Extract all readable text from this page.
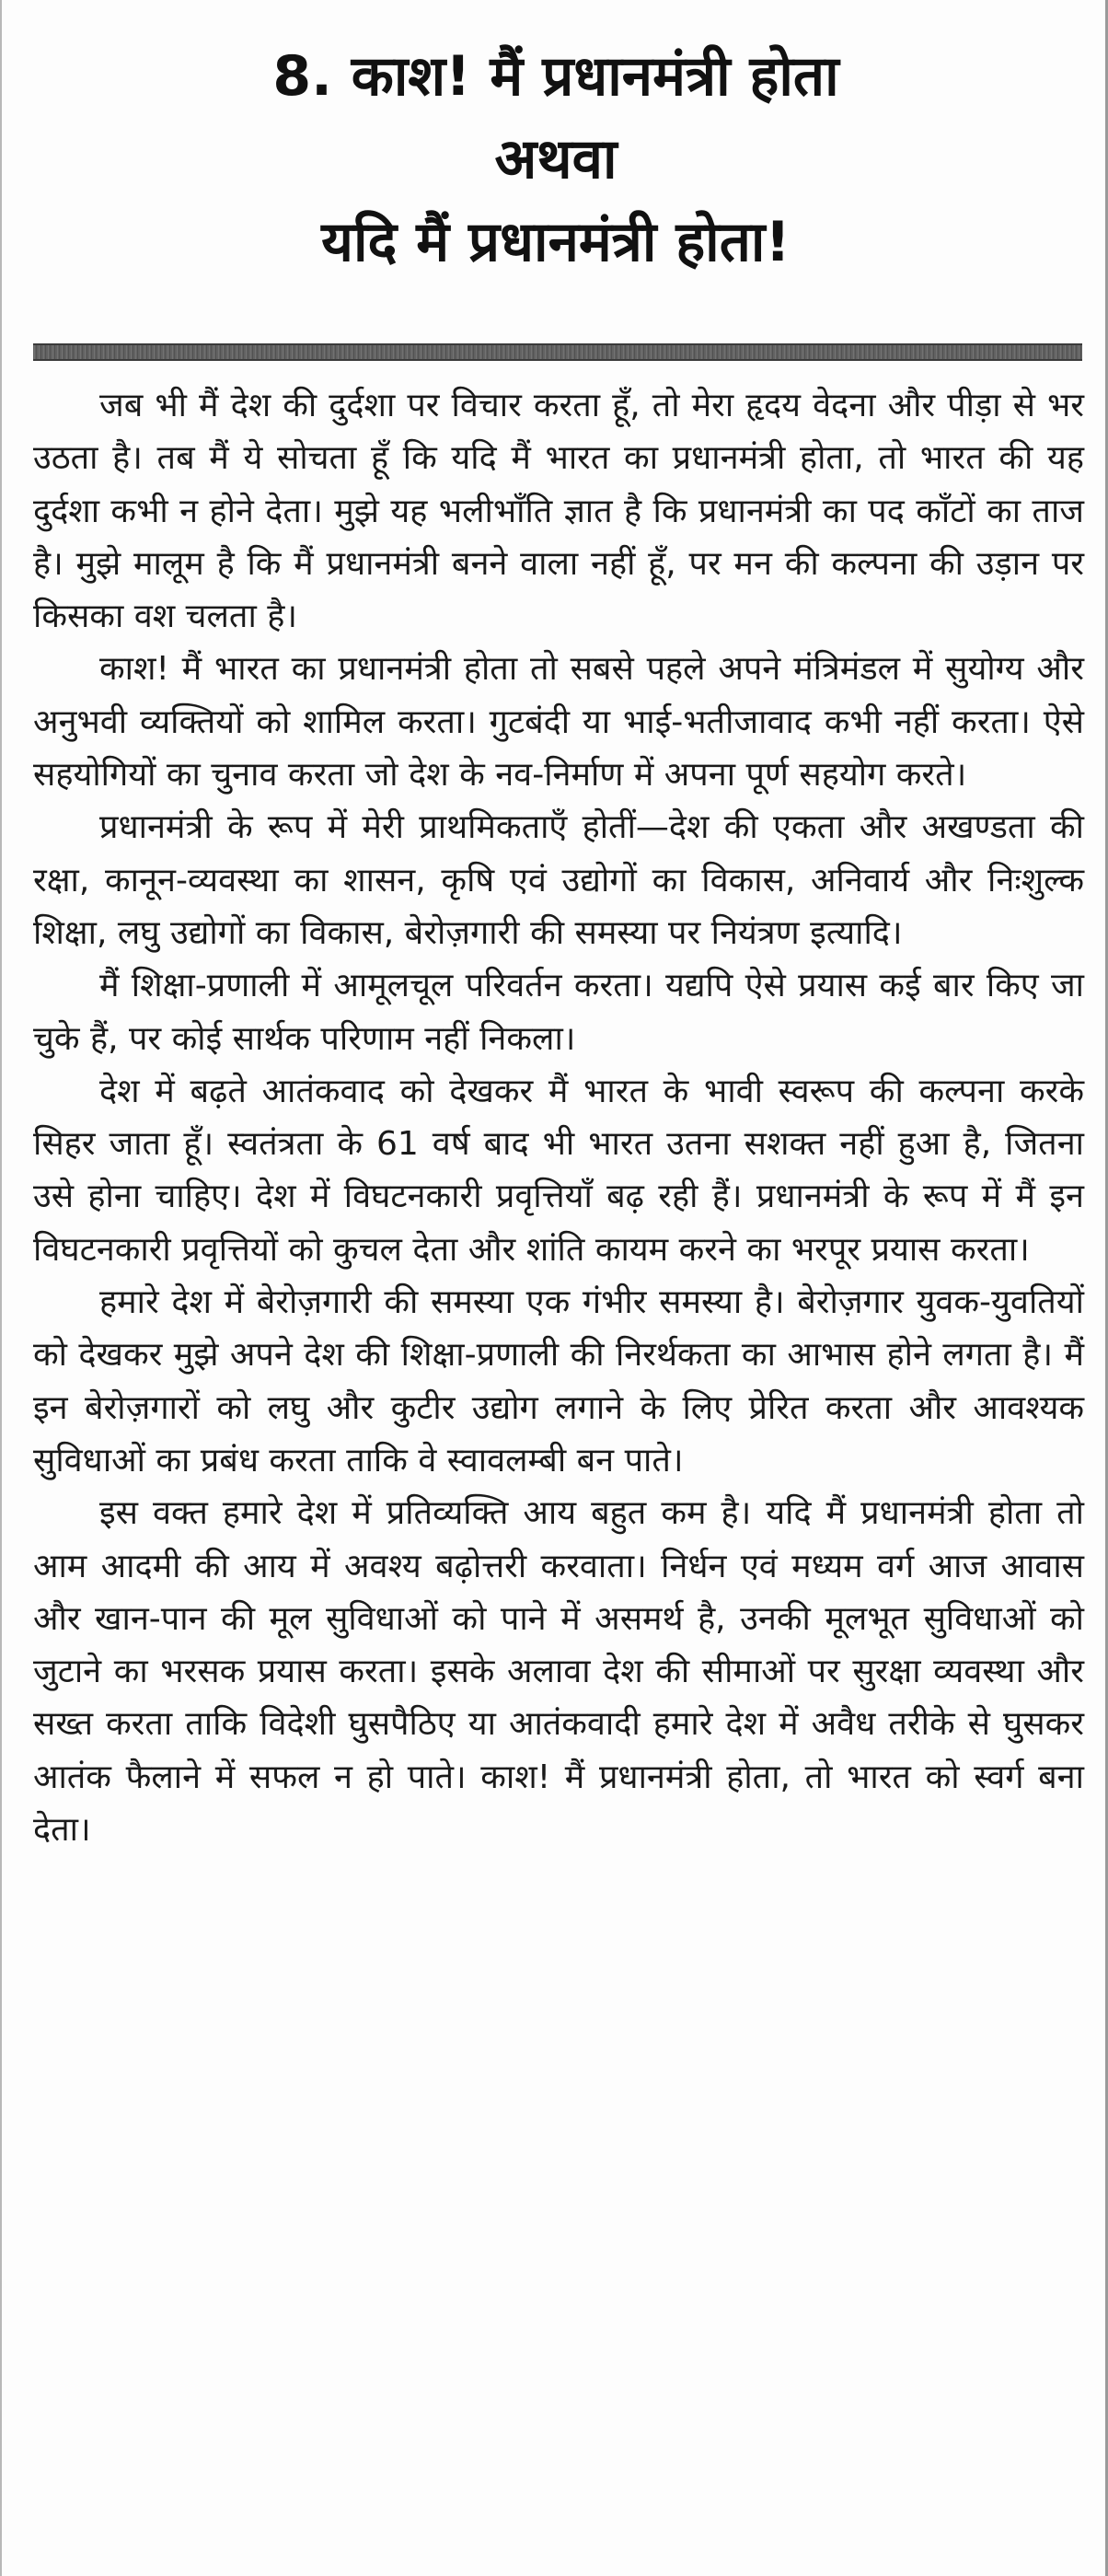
8. काश! मैं प्रधानमंत्री होता

अथवा

यदि मैं प्रधानमंत्री होता!

जब भी मैं देश की दुर्दशा पर विचार करता हूँ, तो मेरा हृदय वेदना और पीड़ा से भर उठता है। तब मैं ये सोचता हूँ कि यदि मैं भारत का प्रधानमंत्री होता, तो भारत की यह दुर्दशा कभी न होने देता। मुझे यह भलीभाँति ज्ञात है कि प्रधानमंत्री का पद काँटों का ताज है। मुझे मालूम है कि मैं प्रधानमंत्री बनने वाला नहीं हूँ, पर मन की कल्पना की उड़ान पर किसका वश चलता है।

काश! मैं भारत का प्रधानमंत्री होता तो सबसे पहले अपने मंत्रिमंडल में सुयोग्य और अनुभवी व्यक्तियों को शामिल करता। गुटबंदी या भाई-भतीजावाद कभी नहीं करता। ऐसे सहयोगियों का चुनाव करता जो देश के नव-निर्माण में अपना पूर्ण सहयोग करते।

प्रधानमंत्री के रूप में मेरी प्राथमिकताएँ होतीं—देश की एकता और अखण्डता की रक्षा, कानून-व्यवस्था का शासन, कृषि एवं उद्योगों का विकास, अनिवार्य और निःशुल्क शिक्षा, लघु उद्योगों का विकास, बेरोज़गारी की समस्या पर नियंत्रण इत्यादि।

मैं शिक्षा-प्रणाली में आमूलचूल परिवर्तन करता। यद्यपि ऐसे प्रयास कई बार किए जा चुके हैं, पर कोई सार्थक परिणाम नहीं निकला।

देश में बढ़ते आतंकवाद को देखकर मैं भारत के भावी स्वरूप की कल्पना करके सिहर जाता हूँ। स्वतंत्रता के 61 वर्ष बाद भी भारत उतना सशक्त नहीं हुआ है, जितना उसे होना चाहिए। देश में विघटनकारी प्रवृत्तियाँ बढ़ रही हैं। प्रधानमंत्री के रूप में मैं इन विघटनकारी प्रवृत्तियों को कुचल देता और शांति कायम करने का भरपूर प्रयास करता।

हमारे देश में बेरोज़गारी की समस्या एक गंभीर समस्या है। बेरोज़गार युवक-युवतियों को देखकर मुझे अपने देश की शिक्षा-प्रणाली की निरर्थकता का आभास होने लगता है। मैं इन बेरोज़गारों को लघु और कुटीर उद्योग लगाने के लिए प्रेरित करता और आवश्यक सुविधाओं का प्रबंध करता ताकि वे स्वावलम्बी बन पाते।

इस वक्त हमारे देश में प्रतिव्यक्ति आय बहुत कम है। यदि मैं प्रधानमंत्री होता तो आम आदमी की आय में अवश्य बढ़ोत्तरी करवाता। निर्धन एवं मध्यम वर्ग आज आवास और खान-पान की मूल सुविधाओं को पाने में असमर्थ है, उनकी मूलभूत सुविधाओं को जुटाने का भरसक प्रयास करता। इसके अलावा देश की सीमाओं पर सुरक्षा व्यवस्था और सख्त करता ताकि विदेशी घुसपैठिए या आतंकवादी हमारे देश में अवैध तरीके से घुसकर आतंक फैलाने में सफल न हो पाते। काश! मैं प्रधानमंत्री होता, तो भारत को स्वर्ग बना देता।
